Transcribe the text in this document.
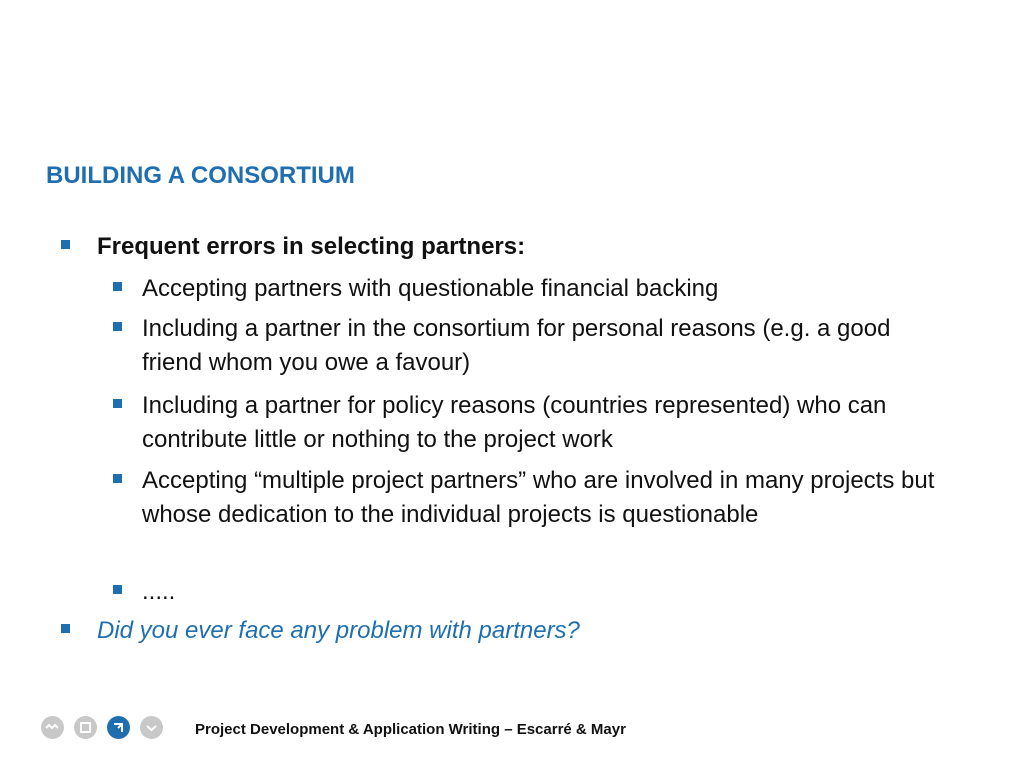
BUILDING A CONSORTIUM
Frequent errors in selecting partners:
Accepting partners with questionable financial backing
Including a partner in the consortium for personal reasons (e.g. a good friend whom you owe a favour)
Including a partner for policy reasons (countries represented) who can contribute little or nothing to the project work
Accepting “multiple project partners” who are involved in many projects but whose dedication to the individual projects is questionable
.....
Did you ever face any problem with partners?
Project Development & Application Writing – Escarré & Mayr
